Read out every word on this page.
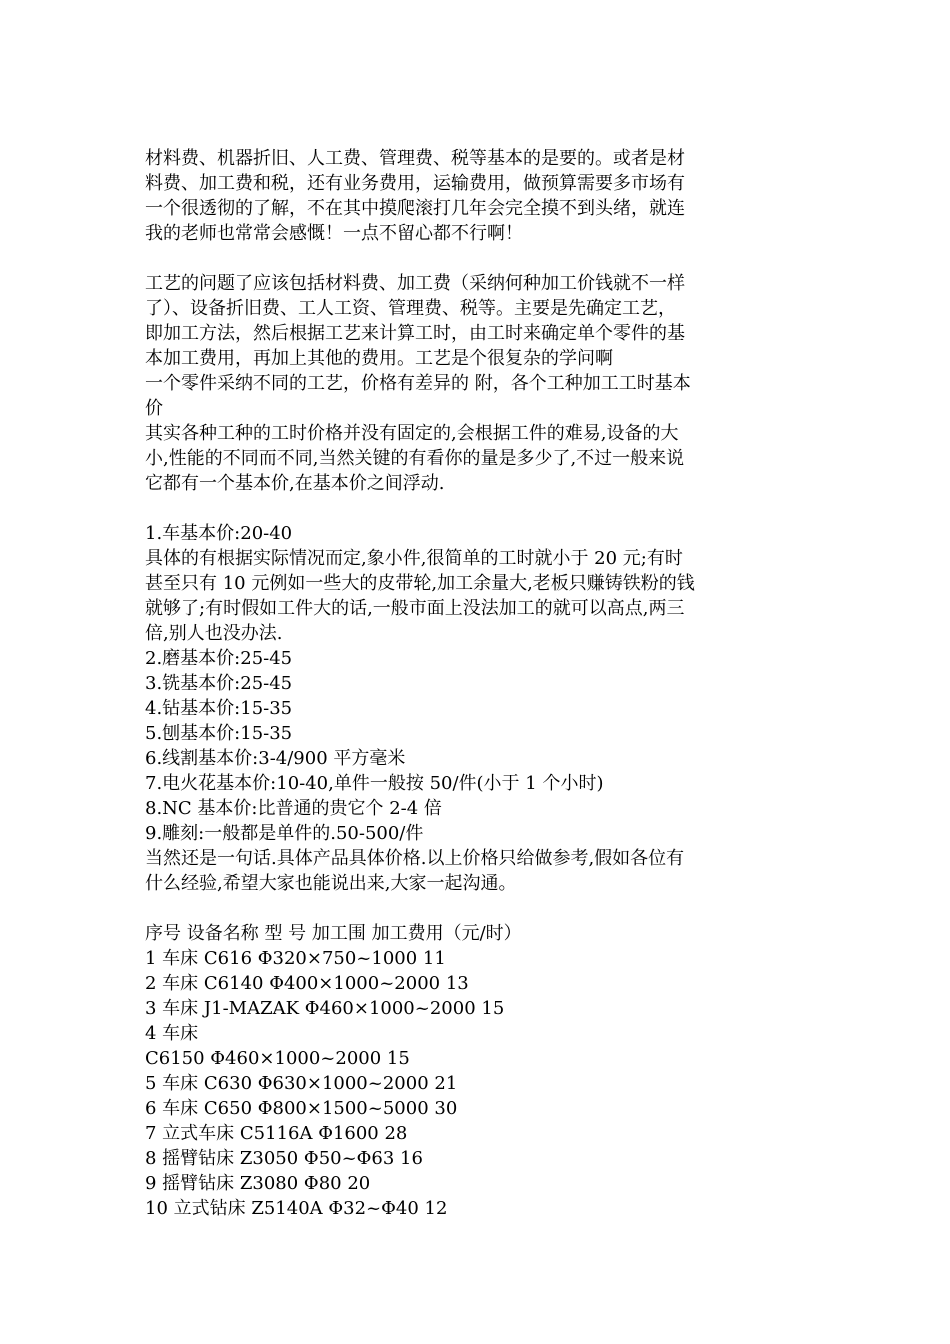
材料费、机器折旧、人工费、管理费、税等基本的是要的。或者是材
料费、加工费和税，还有业务费用，运输费用，做预算需要多市场有
一个很透彻的了解，不在其中摸爬滚打几年会完全摸不到头绪，就连
我的老师也常常会感慨！一点不留心都不行啊！
工艺的问题了应该包括材料费、加工费（采纳何种加工价钱就不一样
了）、设备折旧费、工人工资、管理费、税等。主要是先确定工艺，
即加工方法，然后根据工艺来计算工时，由工时来确定单个零件的基
本加工费用，再加上其他的费用。工艺是个很复杂的学问啊
一个零件采纳不同的工艺，价格有差异的 附，各个工种加工工时基本
价
其实各种工种的工时价格并没有固定的,会根据工件的难易,设备的大
小,性能的不同而不同,当然关键的有看你的量是多少了,不过一般来说
它都有一个基本价,在基本价之间浮动.
1.车基本价:20-40
具体的有根据实际情况而定,象小件,很简单的工时就小于 20 元;有时
甚至只有 10 元例如一些大的皮带轮,加工余量大,老板只赚铸铁粉的钱
就够了;有时假如工件大的话,一般市面上没法加工的就可以高点,两三
倍,别人也没办法.
2.磨基本价:25-45
3.铣基本价:25-45
4.钻基本价:15-35
5.刨基本价:15-35
6.线割基本价:3-4/900 平方毫米
7.电火花基本价:10-40,单件一般按 50/件(小于 1 个小时)
8.NC 基本价:比普通的贵它个 2-4 倍
9.雕刻:一般都是单件的.50-500/件
当然还是一句话.具体产品具体价格.以上价格只给做参考,假如各位有
什么经验,希望大家也能说出来,大家一起沟通。
序号 设备名称 型 号 加工围 加工费用（元/时）
1 车床 C616 Φ320×750~1000 11
2 车床 C6140 Φ400×1000~2000 13
3 车床 J1-MAZAK Φ460×1000~2000 15
4 车床
C6150 Φ460×1000~2000 15
5 车床 C630 Φ630×1000~2000 21
6 车床 C650 Φ800×1500~5000 30
7 立式车床 C5116A Φ1600 28
8 摇臂钻床 Z3050 Φ50~Φ63 16
9 摇臂钻床 Z3080 Φ80 20
10 立式钻床 Z5140A Φ32~Φ40 12
